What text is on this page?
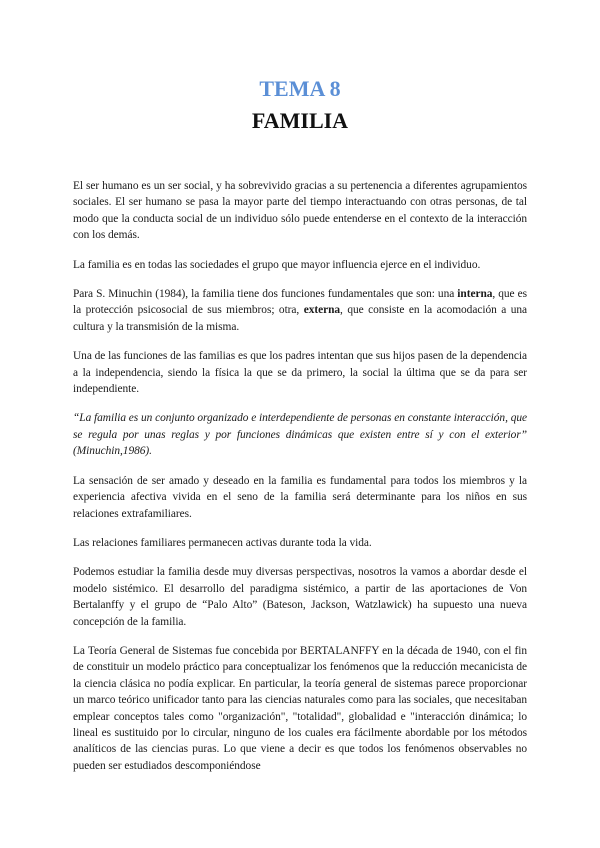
TEMA 8
FAMILIA

El ser humano es un ser social, y ha sobrevivido gracias a su pertenencia a diferentes agrupamientos sociales. El ser humano se pasa la mayor parte del tiempo interactuando con otras personas, de tal modo que la conducta social de un individuo sólo puede entenderse en el contexto de la interacción con los demás.

La familia es en todas las sociedades el grupo que mayor influencia ejerce en el individuo.

Para S. Minuchin (1984), la familia tiene dos funciones fundamentales que son: una interna, que es la protección psicosocial de sus miembros; otra, externa, que consiste en la acomodación a una cultura y la transmisión de la misma.

Una de las funciones de las familias es que los padres intentan que sus hijos pasen de la dependencia a la independencia, siendo la física la que se da primero, la social la última que se da para ser independiente.

“La familia es un conjunto organizado e interdependiente de personas en constante interacción, que se regula por unas reglas y por funciones dinámicas que existen entre sí y con el exterior” (Minuchin,1986).

La sensación de ser amado y deseado en la familia es fundamental para todos los miembros y la experiencia afectiva vivida en el seno de la familia será determinante para los niños en sus relaciones extrafamiliares.

Las relaciones familiares permanecen activas durante toda la vida.

Podemos estudiar la familia desde muy diversas perspectivas, nosotros la vamos a abordar desde el modelo sistémico. El desarrollo del paradigma sistémico, a partir de las aportaciones de Von Bertalanffy y el grupo de “Palo Alto” (Bateson, Jackson, Watzlawick) ha supuesto una nueva concepción de la familia.

La Teoría General de Sistemas fue concebida por BERTALANFFY en la década de 1940, con el fin de constituir un modelo práctico para conceptualizar los fenómenos que la reducción mecanicista de la ciencia clásica no podía explicar. En particular, la teoría general de sistemas parece proporcionar un marco teórico unificador tanto para las ciencias naturales como para las sociales, que necesitaban emplear conceptos tales como "organización", "totalidad", globalidad e "interacción dinámica; lo lineal es sustituido por lo circular, ninguno de los cuales era fácilmente abordable por los métodos analíticos de las ciencias puras. Lo que viene a decir es que todos los fenómenos observables no pueden ser estudiados descomponiéndose
